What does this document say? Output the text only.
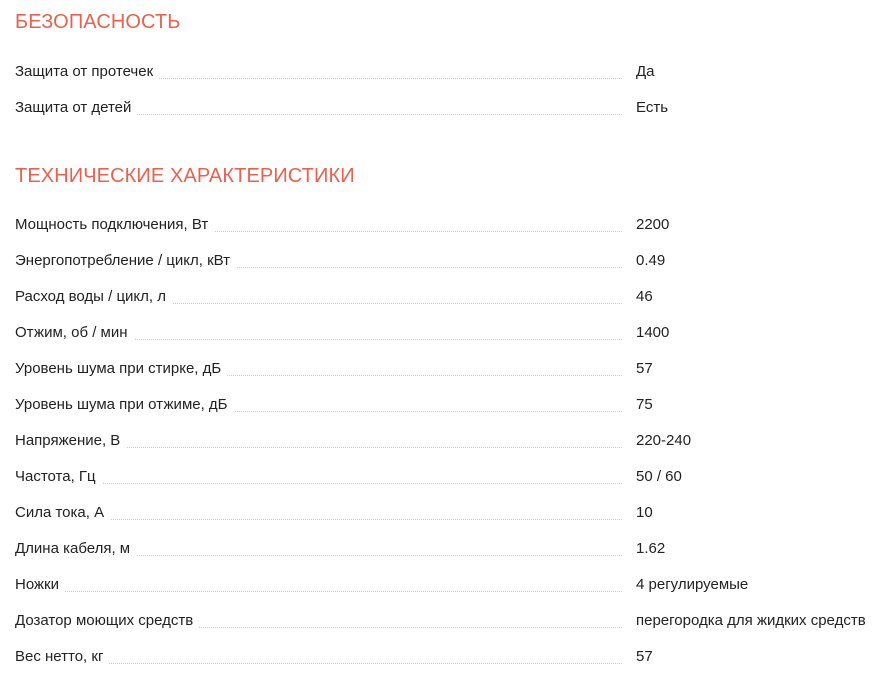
БЕЗОПАСНОСТЬ
Защита от протечек	Да
Защита от детей	Есть
ТЕХНИЧЕСКИЕ ХАРАКТЕРИСТИКИ
Мощность подключения, Вт	2200
Энергопотребление / цикл, кВт	0.49
Расход воды / цикл, л	46
Отжим, об / мин	1400
Уровень шума при стирке, дБ	57
Уровень шума при отжиме, дБ	75
Напряжение, В	220-240
Частота, Гц	50 / 60
Сила тока, А	10
Длина кабеля, м	1.62
Ножки	4 регулируемые
Дозатор моющих средств	перегородка для жидких средств
Вес нетто, кг	57
